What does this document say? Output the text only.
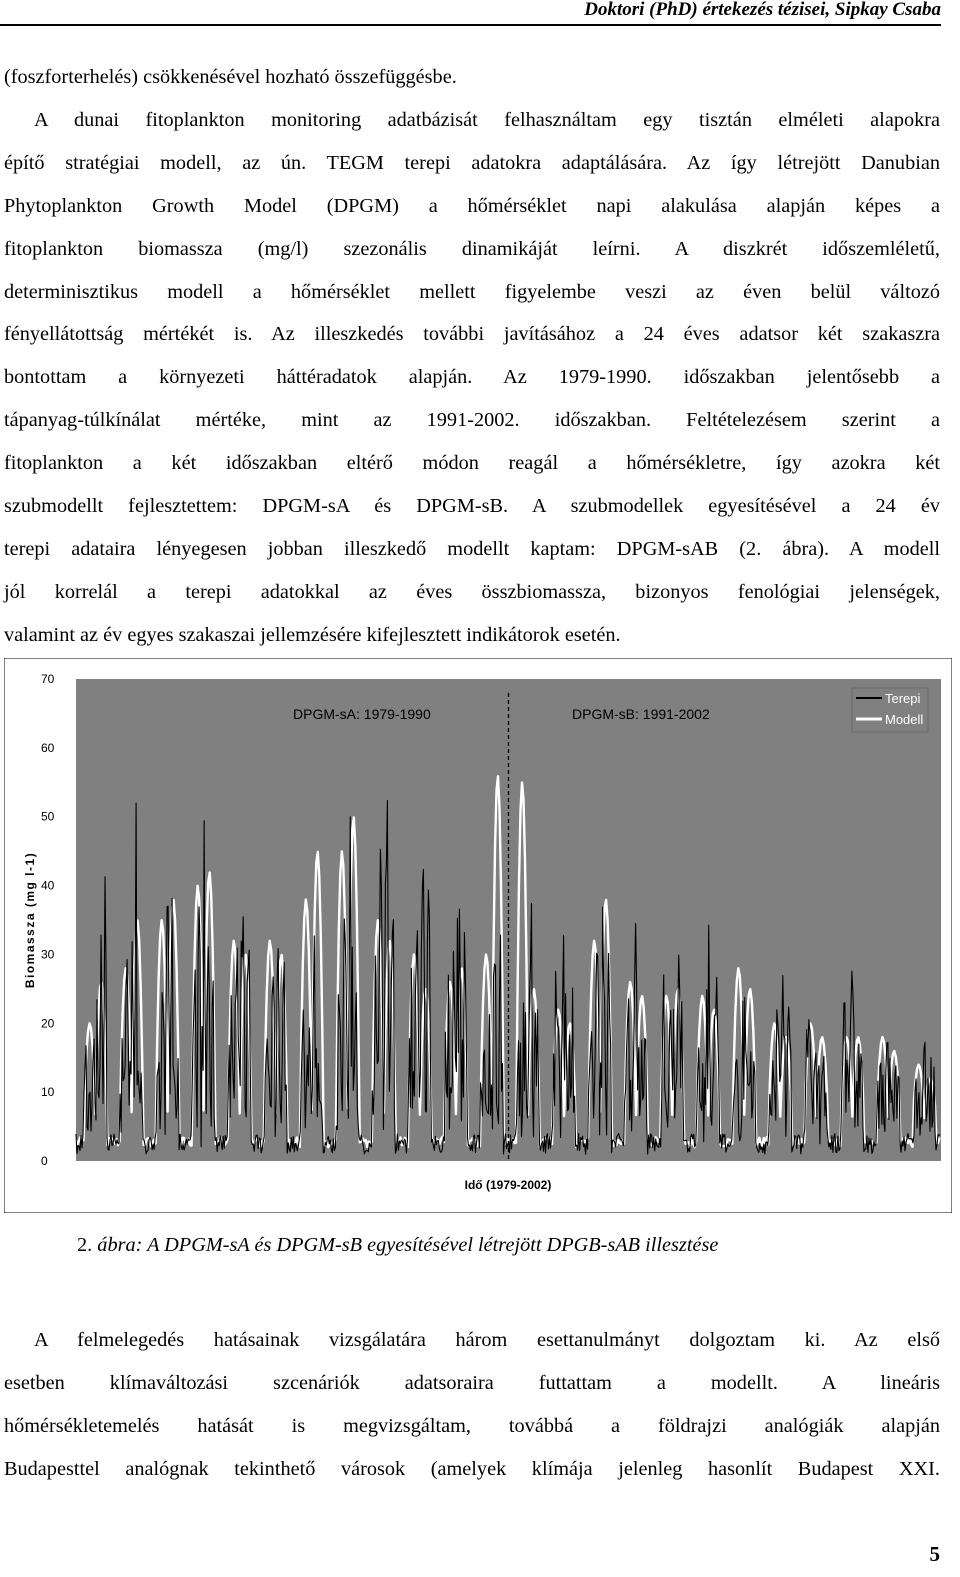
Doktori (PhD) értekezés tézisei, Sipkay Csaba

(foszforterhelés) csökkenésével hozható összefüggésbe.
A dunai fitoplankton monitoring adatbázisát felhasználtam egy tisztán elméleti alapokra
építő stratégiai modell, az ún. TEGM terepi adatokra adaptálására. Az így létrejött Danubian
Phytoplankton Growth Model (DPGM) a hőmérséklet napi alakulása alapján képes a
fitoplankton biomassza (mg/l) szezonális dinamikáját leírni. A diszkrét időszemléletű,
determinisztikus modell a hőmérséklet mellett figyelembe veszi az éven belül változó
fényellátottság mértékét is. Az illeszkedés további javításához a 24 éves adatsor két szakaszra
bontottam a környezeti háttéradatok alapján. Az 1979-1990. időszakban jelentősebb a
tápanyag-túlkínálat mértéke, mint az 1991-2002. időszakban. Feltételezésem szerint a
fitoplankton a két időszakban eltérő módon reagál a hőmérsékletre, így azokra két
szubmodellt fejlesztettem: DPGM-sA és DPGM-sB. A szubmodellek egyesítésével a 24 év
terepi adataira lényegesen jobban illeszkedő modellt kaptam: DPGM-sAB (2. ábra). A modell
jól korrelál a terepi adatokkal az éves összbiomassza, bizonyos fenológiai jelenségek,
valamint az év egyes szakaszai jellemzésére kifejlesztett indikátorok esetén.

0
10
20
30
40
50
60
70
Biomassza (mg l-1)
Idő (1979-2002)
DPGM-sA: 1979-1990	DPGM-sB: 1991-2002
Terepi
Modell
2. ábra: A DPGM-sA és DPGM-sB egyesítésével létrejött DPGB-sAB illesztése

A felmelegedés hatásainak vizsgálatára három esettanulmányt dolgoztam ki. Az első
esetben klímaváltozási szcenáriók adatsoraira futtattam a modellt. A lineáris
hőmérsékletemelés hatását is megvizsgáltam, továbbá a földrajzi analógiák alapján
Budapesttel analógnak tekinthető városok (amelyek klímája jelenleg hasonlít Budapest XXI.

5
